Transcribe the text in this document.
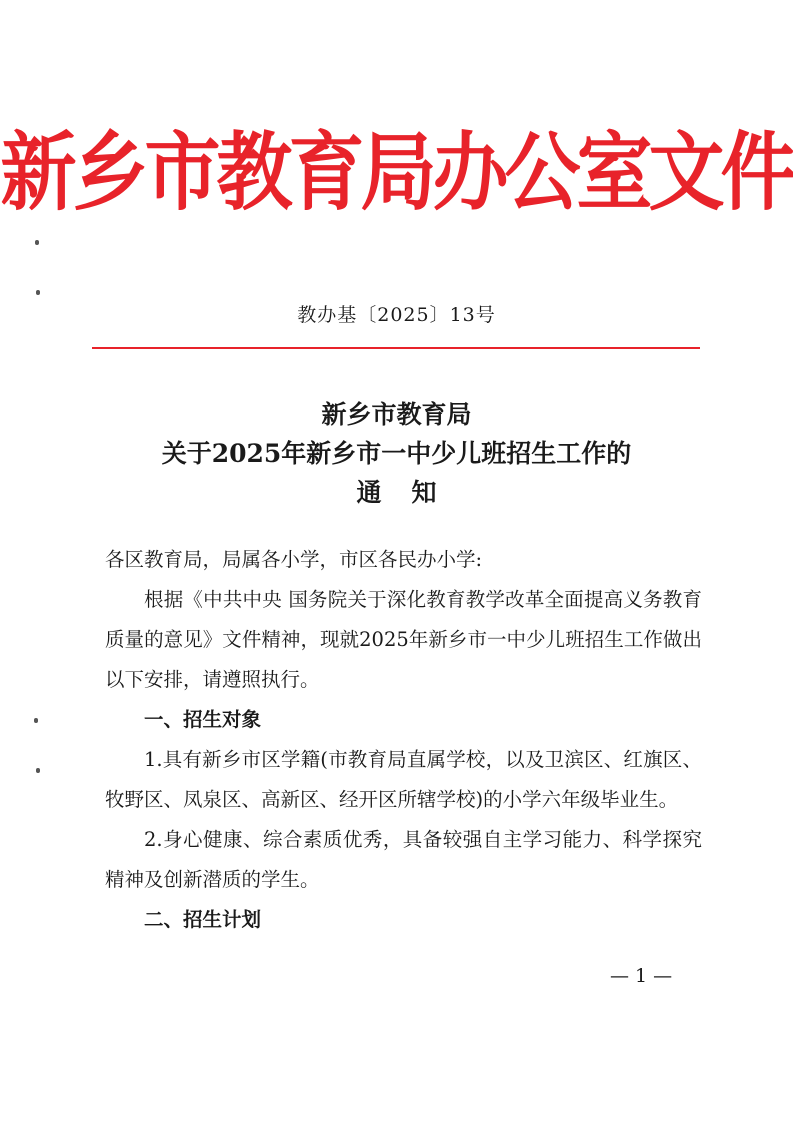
新乡市教育局办公室文件
教办基〔2025〕13号
新乡市教育局
关于2025年新乡市一中少儿班招生工作的
通知

各区教育局，局属各小学，市区各民办小学:

根据《中共中央 国务院关于深化教育教学改革全面提高义务教育质量的意见》文件精神，现就2025年新乡市一中少儿班招生工作做出以下安排，请遵照执行。

一、招生对象

1.具有新乡市区学籍(市教育局直属学校，以及卫滨区、红旗区、牧野区、凤泉区、高新区、经开区所辖学校)的小学六年级毕业生。

2.身心健康、综合素质优秀，具备较强自主学习能力、科学探究精神及创新潜质的学生。

二、招生计划

— 1 —
